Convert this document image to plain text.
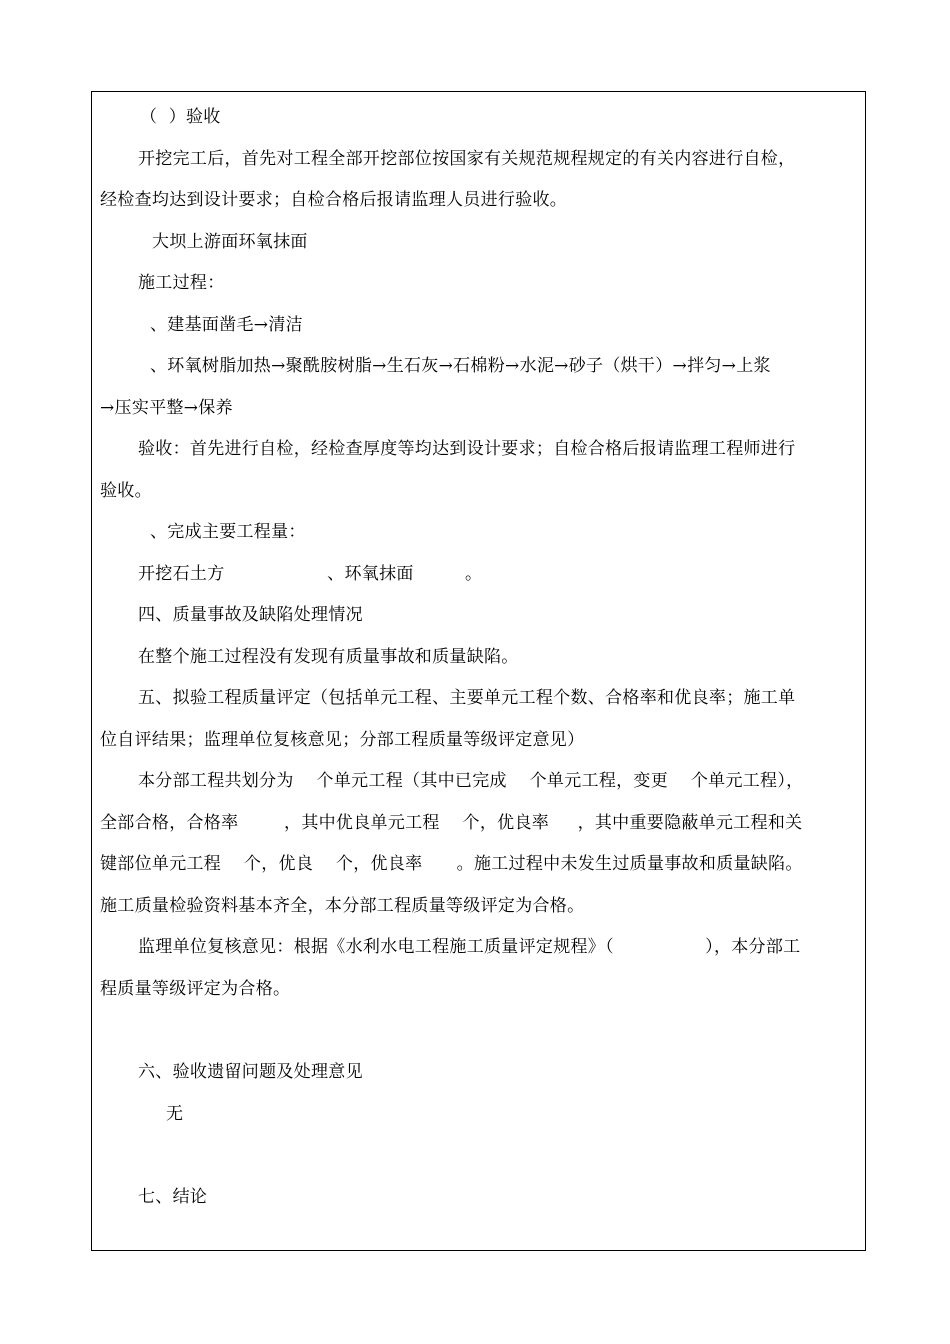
（  ）验收
开挖完工后，首先对工程全部开挖部位按国家有关规范规程规定的有关内容进行自检，
经检查均达到设计要求；自检合格后报请监理人员进行验收。
大坝上游面环氧抹面
施工过程：
、建基面凿毛→清洁
、环氧树脂加热→聚酰胺树脂→生石灰→石棉粉→水泥→砂子（烘干）→拌匀→上浆
→压实平整→保养
验收：首先进行自检，经检查厚度等均达到设计要求；自检合格后报请监理工程师进行
验收。
、完成主要工程量：
开挖石土方                  、环氧抹面         。
四、质量事故及缺陷处理情况
在整个施工过程没有发现有质量事故和质量缺陷。
五、拟验工程质量评定（包括单元工程、主要单元工程个数、合格率和优良率；施工单
位自评结果；监理单位复核意见；分部工程质量等级评定意见）
本分部工程共划分为    个单元工程（其中已完成    个单元工程，变更    个单元工程），
全部合格，合格率        ，其中优良单元工程    个，优良率     ，其中重要隐蔽单元工程和关
键部位单元工程    个，优良    个，优良率      。施工过程中未发生过质量事故和质量缺陷。
施工质量检验资料基本齐全，本分部工程质量等级评定为合格。
监理单位复核意见：根据《水利水电工程施工质量评定规程》（                ），本分部工
程质量等级评定为合格。
六、验收遗留问题及处理意见
无
七、结论
